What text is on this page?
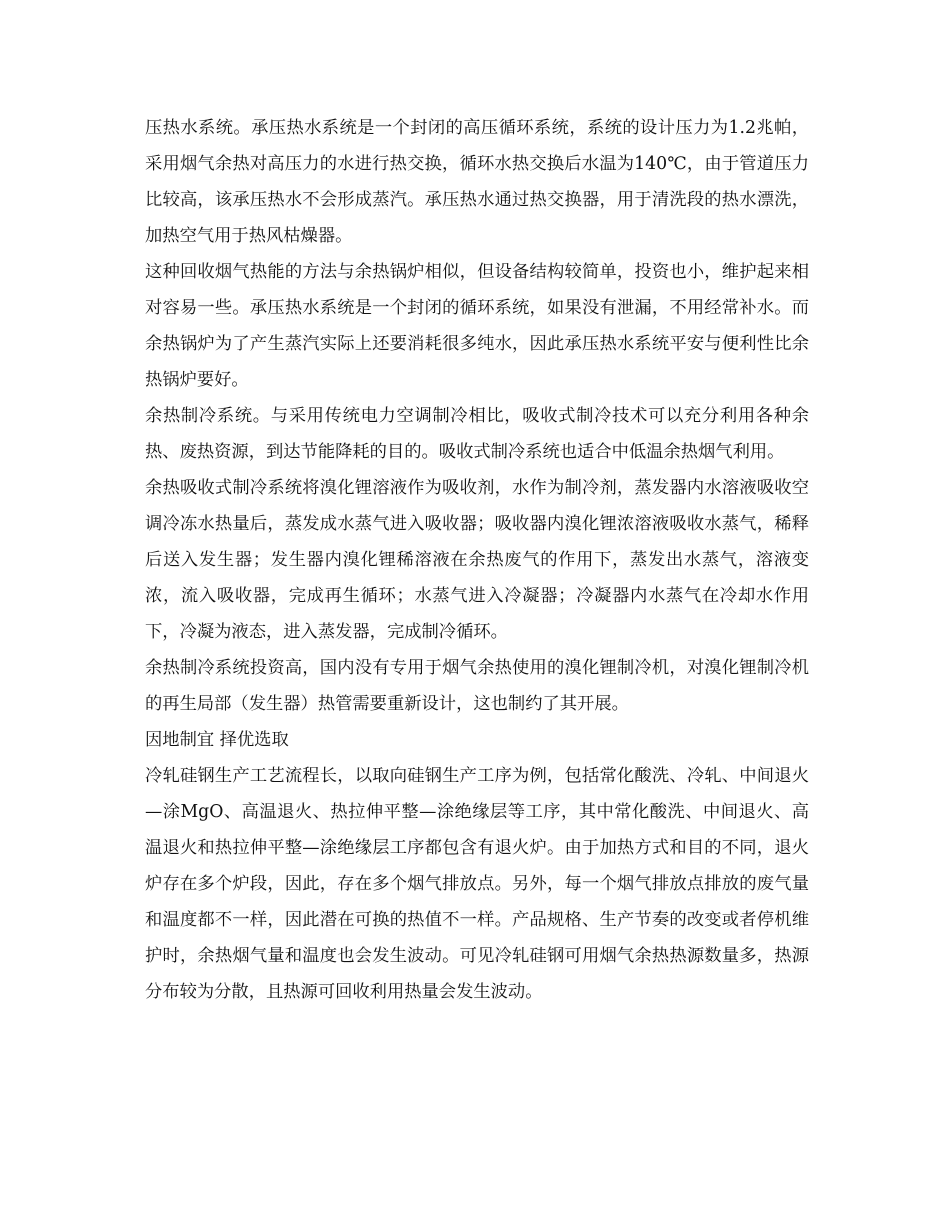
压热水系统。承压热水系统是一个封闭的高压循环系统，系统的设计压力为1.2兆帕，采用烟气余热对高压力的水进行热交换，循环水热交换后水温为140℃，由于管道压力比较高，该承压热水不会形成蒸汽。承压热水通过热交换器，用于清洗段的热水漂洗，加热空气用于热风枯燥器。

这种回收烟气热能的方法与余热锅炉相似，但设备结构较简单，投资也小，维护起来相对容易一些。承压热水系统是一个封闭的循环系统，如果没有泄漏，不用经常补水。而余热锅炉为了产生蒸汽实际上还要消耗很多纯水，因此承压热水系统平安与便利性比余热锅炉要好。

余热制冷系统。与采用传统电力空调制冷相比，吸收式制冷技术可以充分利用各种余热、废热资源，到达节能降耗的目的。吸收式制冷系统也适合中低温余热烟气利用。

余热吸收式制冷系统将溴化锂溶液作为吸收剂，水作为制冷剂，蒸发器内水溶液吸收空调冷冻水热量后，蒸发成水蒸气进入吸收器；吸收器内溴化锂浓溶液吸收水蒸气，稀释后送入发生器；发生器内溴化锂稀溶液在余热废气的作用下，蒸发出水蒸气，溶液变浓，流入吸收器，完成再生循环；水蒸气进入冷凝器；冷凝器内水蒸气在冷却水作用下，冷凝为液态，进入蒸发器，完成制冷循环。

余热制冷系统投资高，国内没有专用于烟气余热使用的溴化锂制冷机，对溴化锂制冷机的再生局部（发生器）热管需要重新设计，这也制约了其开展。

因地制宜 择优选取

冷轧硅钢生产工艺流程长，以取向硅钢生产工序为例，包括常化酸洗、冷轧、中间退火—涂MgO、高温退火、热拉伸平整—涂绝缘层等工序，其中常化酸洗、中间退火、高温退火和热拉伸平整—涂绝缘层工序都包含有退火炉。由于加热方式和目的不同，退火炉存在多个炉段，因此，存在多个烟气排放点。另外，每一个烟气排放点排放的废气量和温度都不一样，因此潜在可换的热值不一样。产品规格、生产节奏的改变或者停机维护时，余热烟气量和温度也会发生波动。可见冷轧硅钢可用烟气余热热源数量多，热源分布较为分散，且热源可回收利用热量会发生波动。
